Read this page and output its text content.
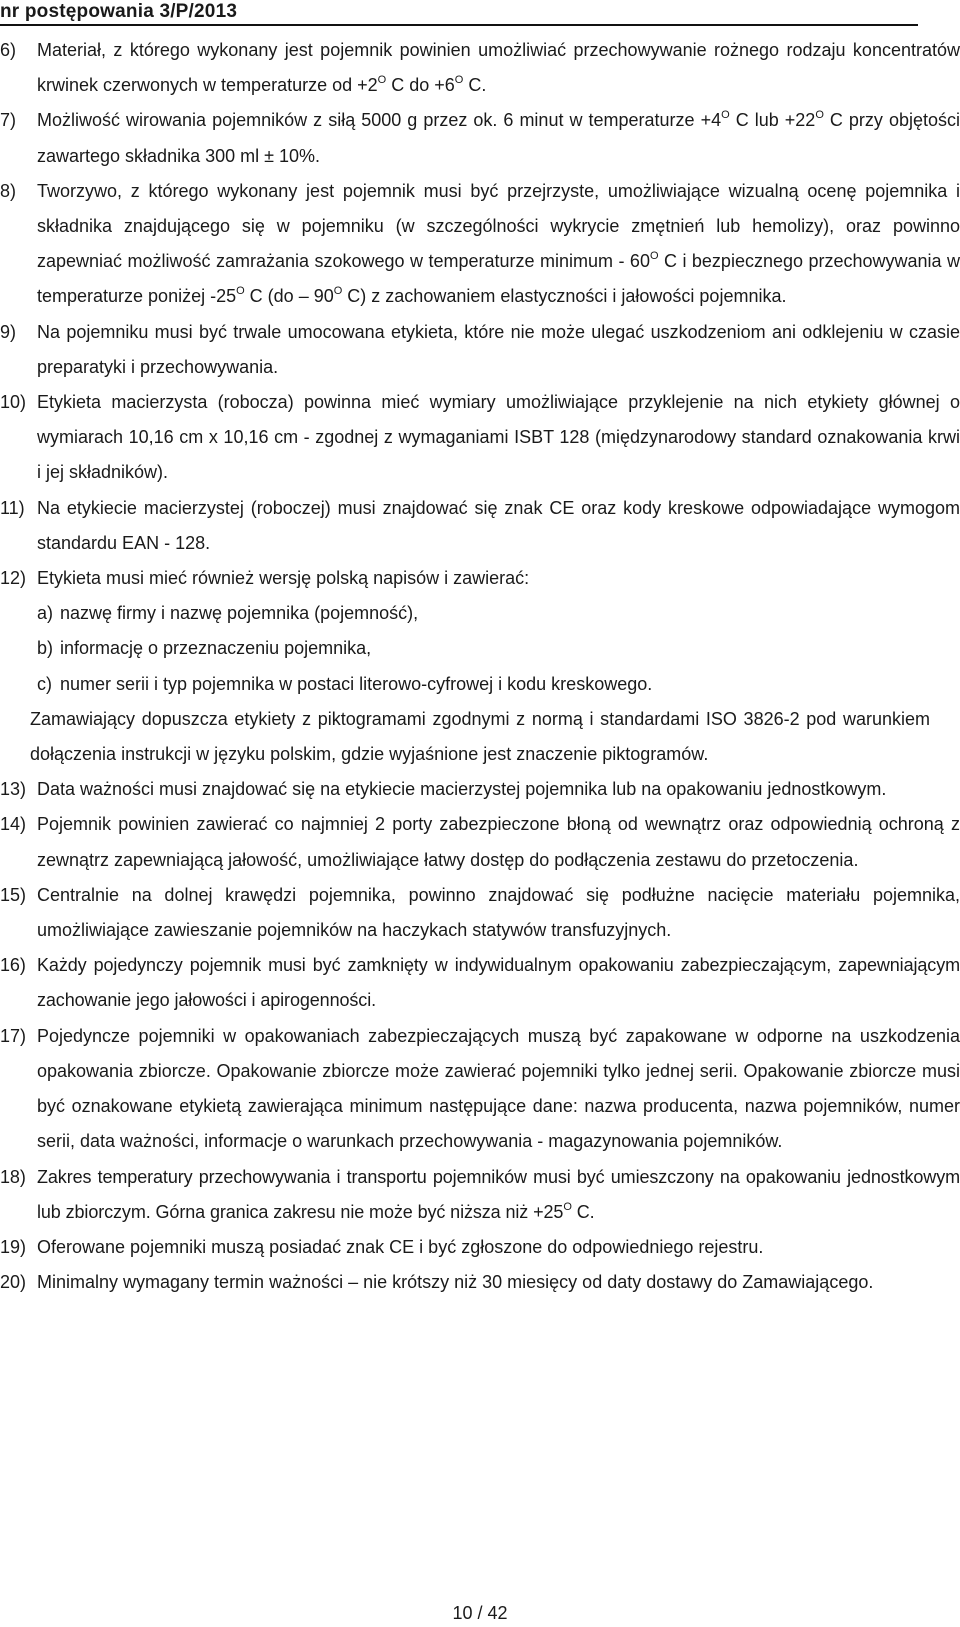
nr postępowania 3/P/2013
6) Materiał, z którego wykonany jest pojemnik powinien umożliwiać przechowywanie rożnego rodzaju koncentratów krwinek czerwonych w temperaturze od $+2^O$ C do $+6^O$ C.
7) Możliwość wirowania pojemników z siłą 5000 g przez ok. 6 minut w temperaturze $+4^O$ C lub $+22^O$ C przy objętości zawartego składnika 300 ml ± 10%.
8) Tworzywo, z którego wykonany jest pojemnik musi być przejrzyste, umożliwiające wizualną ocenę pojemnika i składnika znajdującego się w pojemniku (w szczególności wykrycie zmętnień lub hemolizy), oraz powinno zapewniać możliwość zamrażania szokowego w temperaturze minimum - $60^O$ C i bezpiecznego przechowywania w temperaturze poniżej $-25^O$ C ($do - 90^O$ C) z zachowaniem elastyczności i jałowości pojemnika.
9) Na pojemniku musi być trwale umocowana etykieta, które nie może ulegać uszkodzeniom ani odklejeniu w czasie preparatyki i przechowywania.
10) Etykieta macierzysta (robocza) powinna mieć wymiary umożliwiające przyklejenie na nich etykiety głównej o wymiarach 10,16 cm x 10,16 cm - zgodnej z wymaganiami ISBT 128 (międzynarodowy standard oznakowania krwi i jej składników).
11) Na etykiecie macierzystej (roboczej) musi znajdować się znak CE oraz kody kreskowe odpowiadające wymogom standardu EAN - 128.
12) Etykieta musi mieć również wersję polską napisów i zawierać:
a) nazwę firmy i nazwę pojemnika (pojemność),
b) informację o przeznaczeniu pojemnika,
c) numer serii i typ pojemnika w postaci literowo-cyfrowej i kodu kreskowego.
Zamawiający dopuszcza etykiety z piktogramami zgodnymi z normą i standardami ISO 3826-2 pod warunkiem dołączenia instrukcji w języku polskim, gdzie wyjaśnione jest znaczenie piktogramów.
13) Data ważności musi znajdować się na etykiecie macierzystej pojemnika lub na opakowaniu jednostkowym.
14) Pojemnik powinien zawierać co najmniej 2 porty zabezpieczone błoną od wewnątrz oraz odpowiednią ochroną z zewnątrz zapewniającą jałowość, umożliwiające łatwy dostęp do podłączenia zestawu do przetoczenia.
15) Centralnie na dolnej krawędzi pojemnika, powinno znajdować się podłużne nacięcie materiału pojemnika, umożliwiające zawieszanie pojemników na haczykach statywów transfuzyjnych.
16) Każdy pojedynczy pojemnik musi być zamknięty w indywidualnym opakowaniu zabezpieczającym, zapewniającym zachowanie jego jałowości i apirogenności.
17) Pojedyncze pojemniki w opakowaniach zabezpieczających muszą być zapakowane w odporne na uszkodzenia opakowania zbiorcze. Opakowanie zbiorcze może zawierać pojemniki tylko jednej serii. Opakowanie zbiorcze musi być oznakowane etykietą zawierająca minimum następujące dane: nazwa producenta, nazwa pojemników, numer serii, data ważności, informacje o warunkach przechowywania - magazynowania pojemników.
18) Zakres temperatury przechowywania i transportu pojemników musi być umieszczony na opakowaniu jednostkowym lub zbiorczym. Górna granica zakresu nie może być niższa niż $+25^O$ C.
19) Oferowane pojemniki muszą posiadać znak CE i być zgłoszone do odpowiedniego rejestru.
20) Minimalny wymagany termin ważności – nie krótszy niż 30 miesięcy od daty dostawy do Zamawiającego.
10 / 42
